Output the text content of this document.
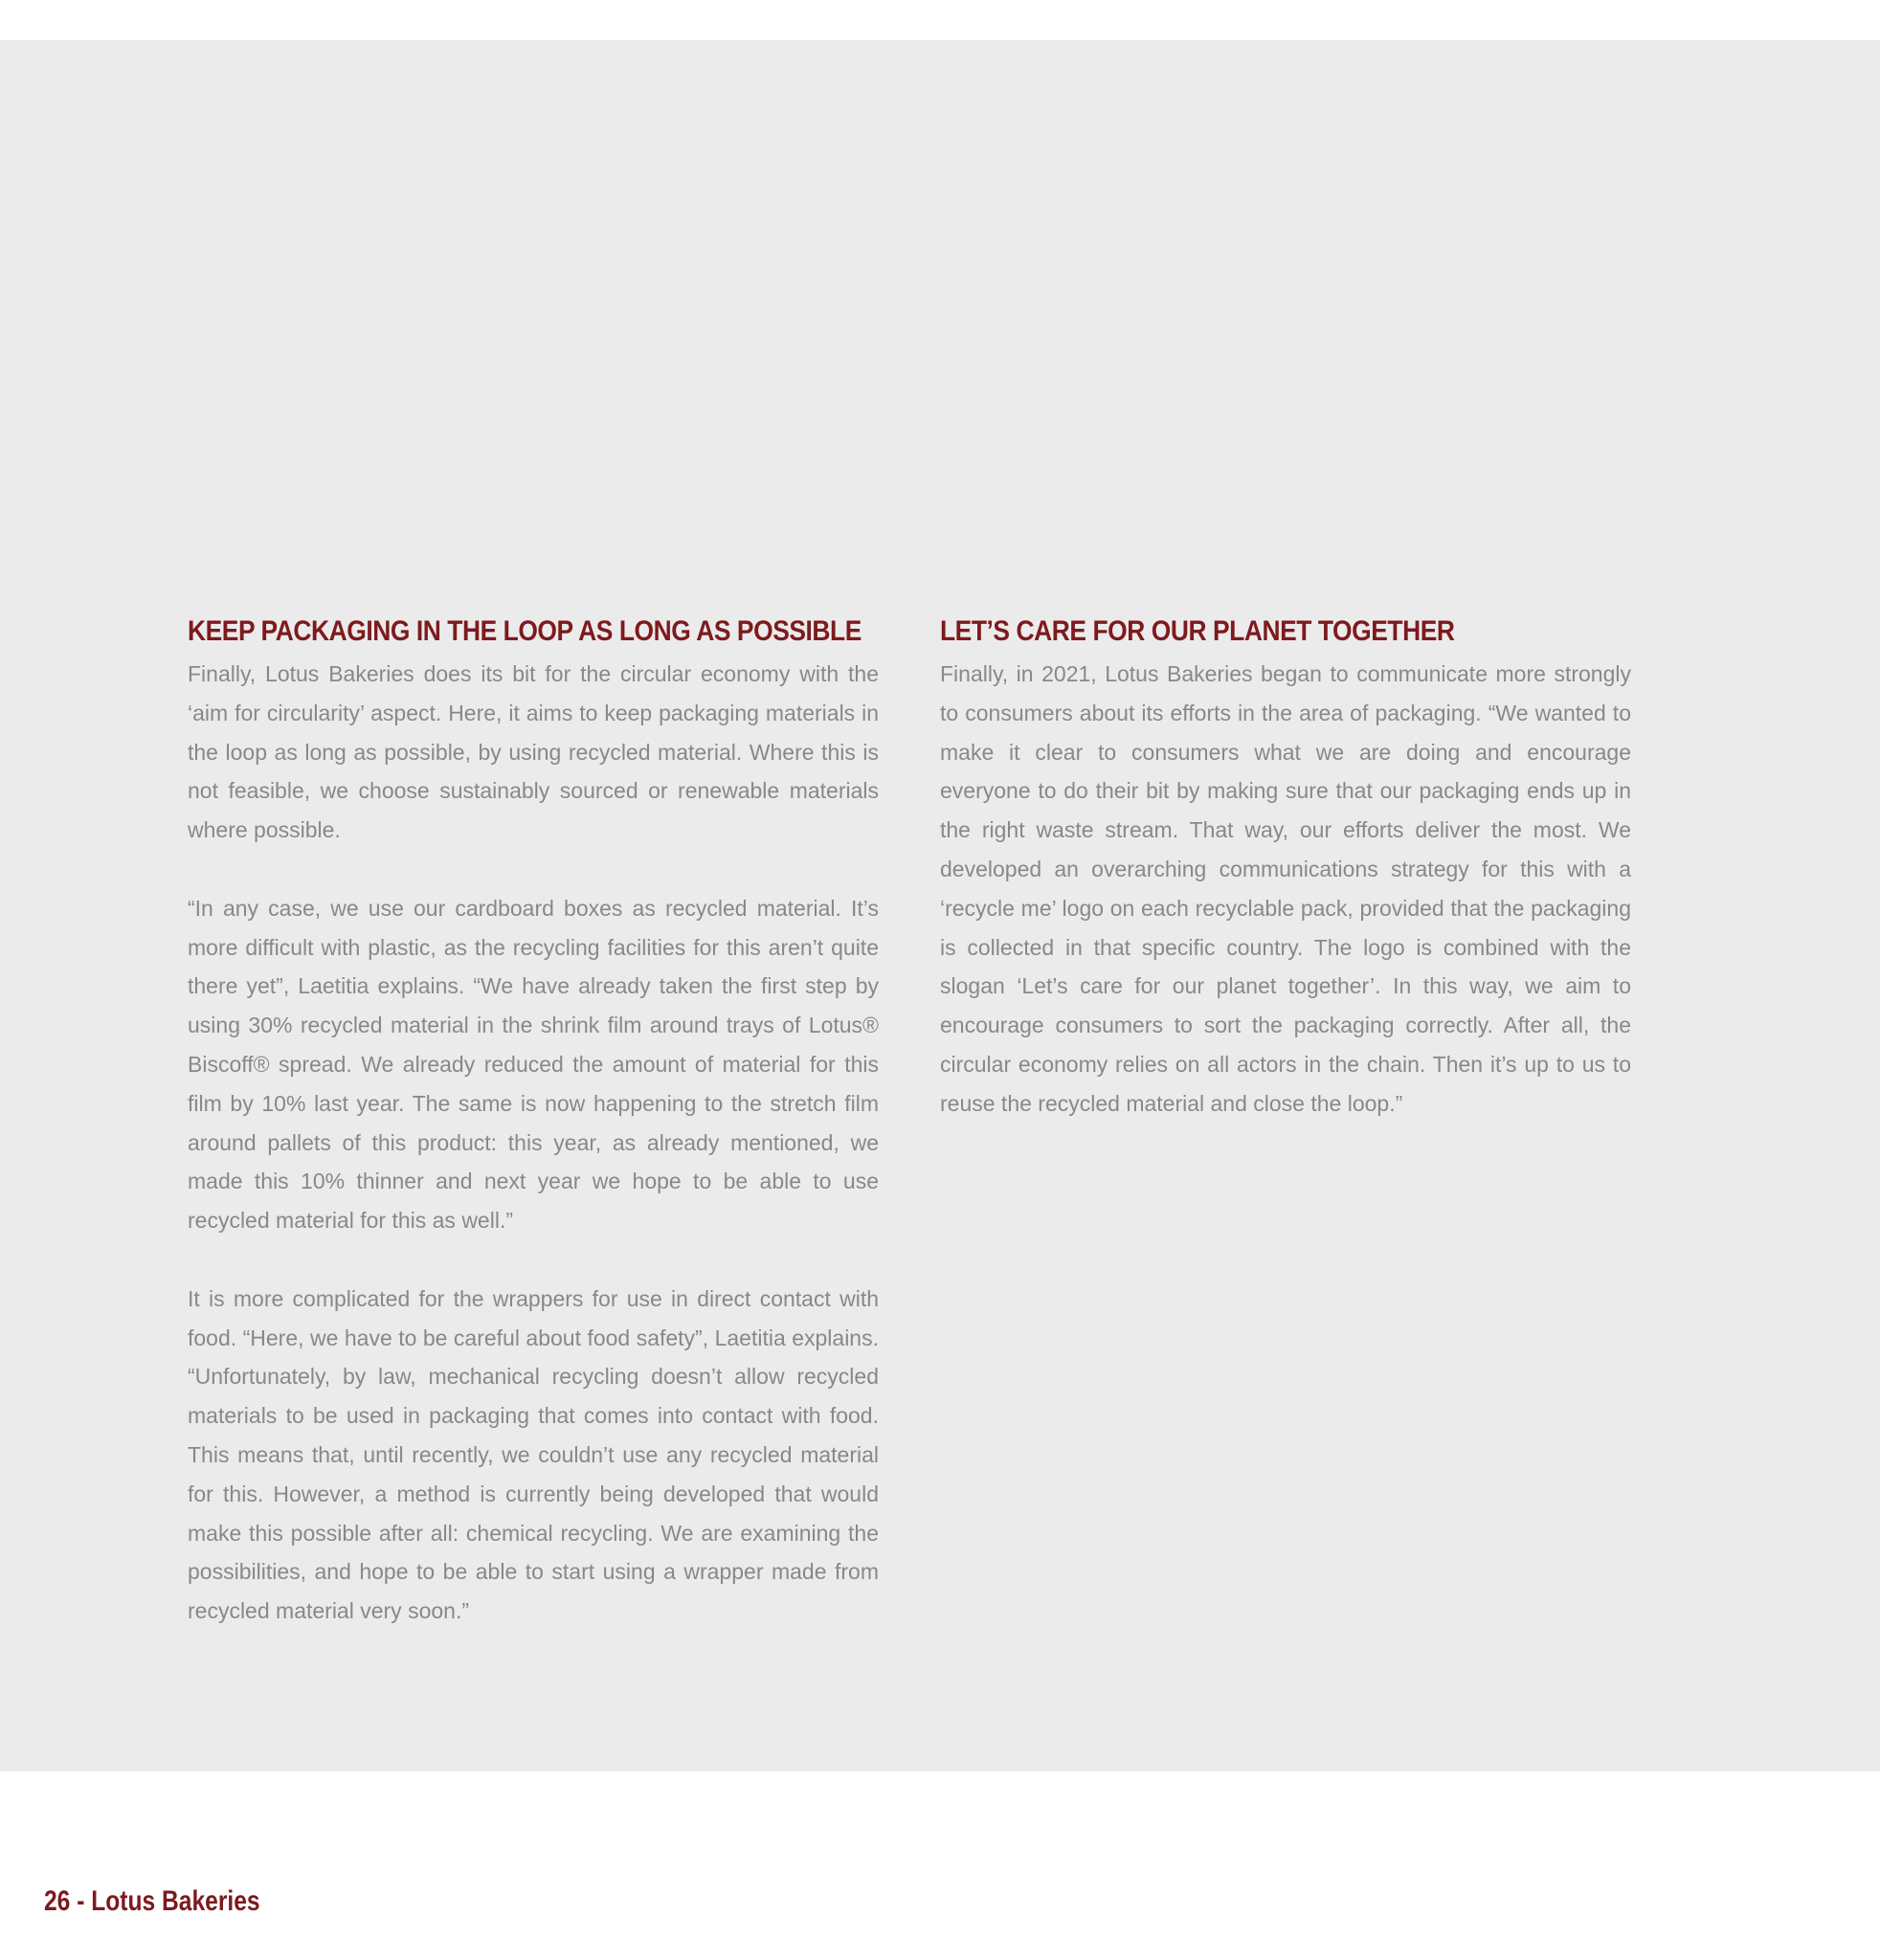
KEEP PACKAGING IN THE LOOP AS LONG AS POSSIBLE

Finally, Lotus Bakeries does its bit for the circular economy with the ‘aim for circularity’ aspect. Here, it aims to keep packaging materials in the loop as long as possible, by using recycled material. Where this is not feasible, we choose sustainably sourced or renewable materials where possible.

“In any case, we use our cardboard boxes as recycled material. It’s more difficult with plastic, as the recycling facilities for this aren’t quite there yet”, Laetitia explains. “We have already taken the first step by using 30% recycled material in the shrink film around trays of Lotus® Biscoff® spread. We already reduced the amount of material for this film by 10% last year. The same is now happening to the stretch film around pallets of this product: this year, as already mentioned, we made this 10% thinner and next year we hope to be able to use recycled material for this as well.”

It is more complicated for the wrappers for use in direct contact with food. “Here, we have to be careful about food safety”, Laetitia explains. “Unfortunately, by law, mechanical recycling doesn’t allow recycled materials to be used in packaging that comes into contact with food. This means that, until recently, we couldn’t use any recycled material for this. However, a method is currently being developed that would make this possible after all: chemical recycling. We are examining the possibilities, and hope to be able to start using a wrapper made from recycled material very soon.”

LET’S CARE FOR OUR PLANET TOGETHER

Finally, in 2021, Lotus Bakeries began to communicate more strongly to consumers about its efforts in the area of packaging. “We wanted to make it clear to consumers what we are doing and encourage everyone to do their bit by making sure that our packaging ends up in the right waste stream. That way, our efforts deliver the most. We developed an overarching communications strategy for this with a ‘recycle me’ logo on each recyclable pack, provided that the packaging is collected in that specific country. The logo is combined with the slogan ‘Let’s care for our planet together’. In this way, we aim to encourage consumers to sort the packaging correctly. After all, the circular economy relies on all actors in the chain. Then it’s up to us to reuse the recycled material and close the loop.”

26 - Lotus Bakeries
